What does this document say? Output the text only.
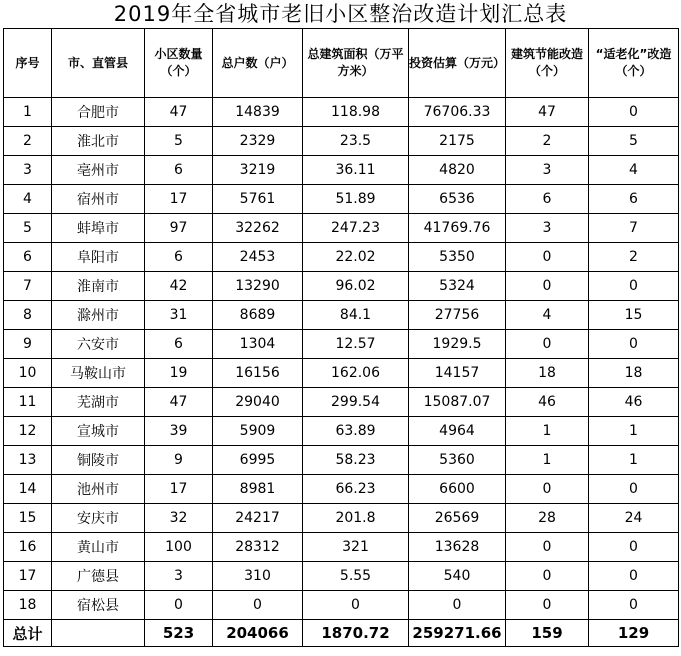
2019年全省城市老旧小区整治改造计划汇总表
序号	市、直管县	小区数量（个）	总户数（户）	总建筑面积（万平方米）	投资估算（万元）	建筑节能改造（个）	“适老化”改造（个）
1	合肥市	47	14839	118.98	76706.33	47	0
2	淮北市	5	2329	23.5	2175	2	5
3	亳州市	6	3219	36.11	4820	3	4
4	宿州市	17	5761	51.89	6536	6	6
5	蚌埠市	97	32262	247.23	41769.76	3	7
6	阜阳市	6	2453	22.02	5350	0	2
7	淮南市	42	13290	96.02	5324	0	0
8	滁州市	31	8689	84.1	27756	4	15
9	六安市	6	1304	12.57	1929.5	0	0
10	马鞍山市	19	16156	162.06	14157	18	18
11	芜湖市	47	29040	299.54	15087.07	46	46
12	宣城市	39	5909	63.89	4964	1	1
13	铜陵市	9	6995	58.23	5360	1	1
14	池州市	17	8981	66.23	6600	0	0
15	安庆市	32	24217	201.8	26569	28	24
16	黄山市	100	28312	321	13628	0	0
17	广德县	3	310	5.55	540	0	0
18	宿松县	0	0	0	0	0	0
总计		523	204066	1870.72	259271.66	159	129
